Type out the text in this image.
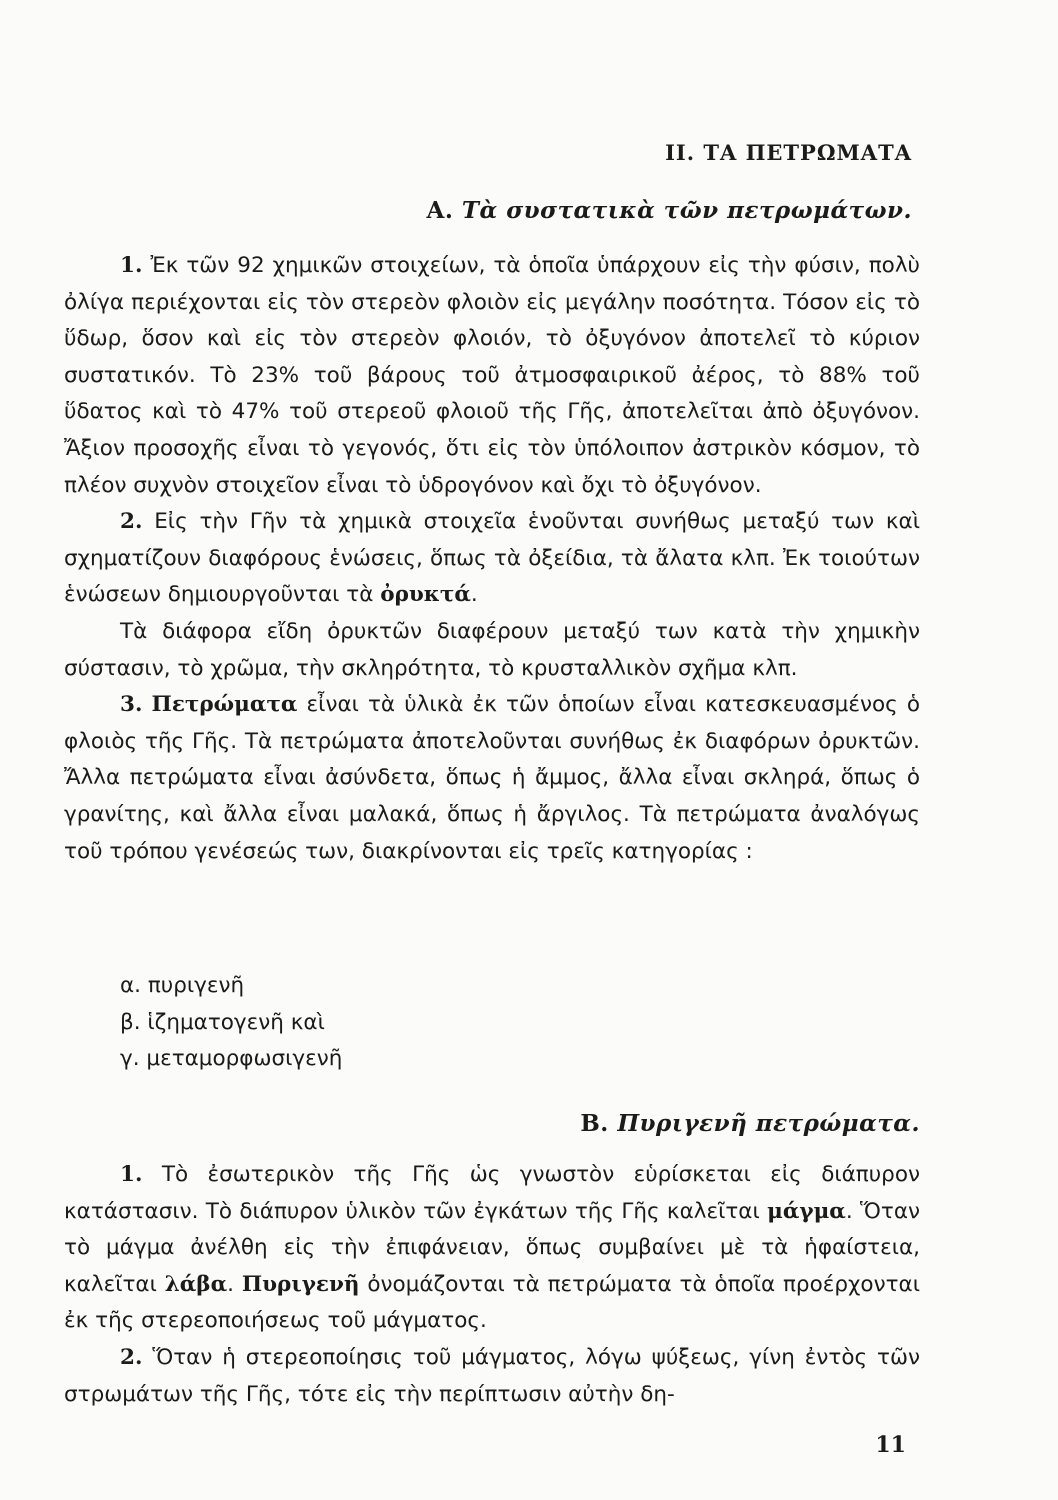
II. ΤΑ ΠΕΤΡΩΜΑΤΑ
Α. Τὰ συστατικὰ τῶν πετρωμάτων.

1. Ἐκ τῶν 92 χημικῶν στοιχείων, τὰ ὁποῖα ὑπάρχουν εἰς τὴν φύσιν, πολὺ ὀλίγα περιέχονται εἰς τὸν στερεὸν φλοιὸν εἰς μεγάλην ποσότητα. Τόσον εἰς τὸ ὕδωρ, ὅσον καὶ εἰς τὸν στερεὸν φλοιόν, τὸ ὀξυγόνον ἀποτελεῖ τὸ κύριον συστατικόν. Τὸ 23% τοῦ βάρους τοῦ ἀτμοσφαιρικοῦ ἀέρος, τὸ 88% τοῦ ὕδατος καὶ τὸ 47% τοῦ στερεοῦ φλοιοῦ τῆς Γῆς, ἀποτελεῖται ἀπὸ ὀξυγόνον. Ἄξιον προσοχῆς εἶναι τὸ γεγονός, ὅτι εἰς τὸν ὑπόλοιπον ἀστρικὸν κόσμον, τὸ πλέον συχνὸν στοιχεῖον εἶναι τὸ ὑδρογόνον καὶ ὄχι τὸ ὀξυγόνον.

2. Εἰς τὴν Γῆν τὰ χημικὰ στοιχεῖα ἑνοῦνται συνήθως μεταξύ των καὶ σχηματίζουν διαφόρους ἑνώσεις, ὅπως τὰ ὀξείδια, τὰ ἄλατα κλπ. Ἐκ τοιούτων ἑνώσεων δημιουργοῦνται τὰ ὀρυκτά.

Τὰ διάφορα εἴδη ὀρυκτῶν διαφέρουν μεταξύ των κατὰ τὴν χημικὴν σύστασιν, τὸ χρῶμα, τὴν σκληρότητα, τὸ κρυσταλλικὸν σχῆμα κλπ.

3. Πετρώματα εἶναι τὰ ὑλικὰ ἐκ τῶν ὁποίων εἶναι κατεσκευασμένος ὁ φλοιὸς τῆς Γῆς. Τὰ πετρώματα ἀποτελοῦνται συνήθως ἐκ διαφόρων ὀρυκτῶν. Ἄλλα πετρώματα εἶναι ἀσύνδετα, ὅπως ἡ ἄμμος, ἄλλα εἶναι σκληρά, ὅπως ὁ γρανίτης, καὶ ἄλλα εἶναι μαλακά, ὅπως ἡ ἄργιλος. Τὰ πετρώματα ἀναλόγως τοῦ τρόπου γενέσεώς των, διακρίνονται εἰς τρεῖς κατηγορίας :

α. πυριγενῆ
β. ἱζηματογενῆ καὶ
γ. μεταμορφωσιγενῆ
Β. Πυριγενῆ πετρώματα.

1. Τὸ ἐσωτερικὸν τῆς Γῆς ὡς γνωστὸν εὑρίσκεται εἰς διάπυρον κατάστασιν. Τὸ διάπυρον ὑλικὸν τῶν ἐγκάτων τῆς Γῆς καλεῖται μάγμα. Ὅταν τὸ μάγμα ἀνέλθη εἰς τὴν ἐπιφάνειαν, ὅπως συμβαίνει μὲ τὰ ἡφαίστεια, καλεῖται λάβα. Πυριγενῆ ὀνομάζονται τὰ πετρώματα τὰ ὁποῖα προέρχονται ἐκ τῆς στερεοποιήσεως τοῦ μάγματος.

2. Ὅταν ἡ στερεοποίησις τοῦ μάγματος, λόγω ψύξεως, γίνη ἐντὸς τῶν στρωμάτων τῆς Γῆς, τότε εἰς τὴν περίπτωσιν αὐτὴν δη-

11
